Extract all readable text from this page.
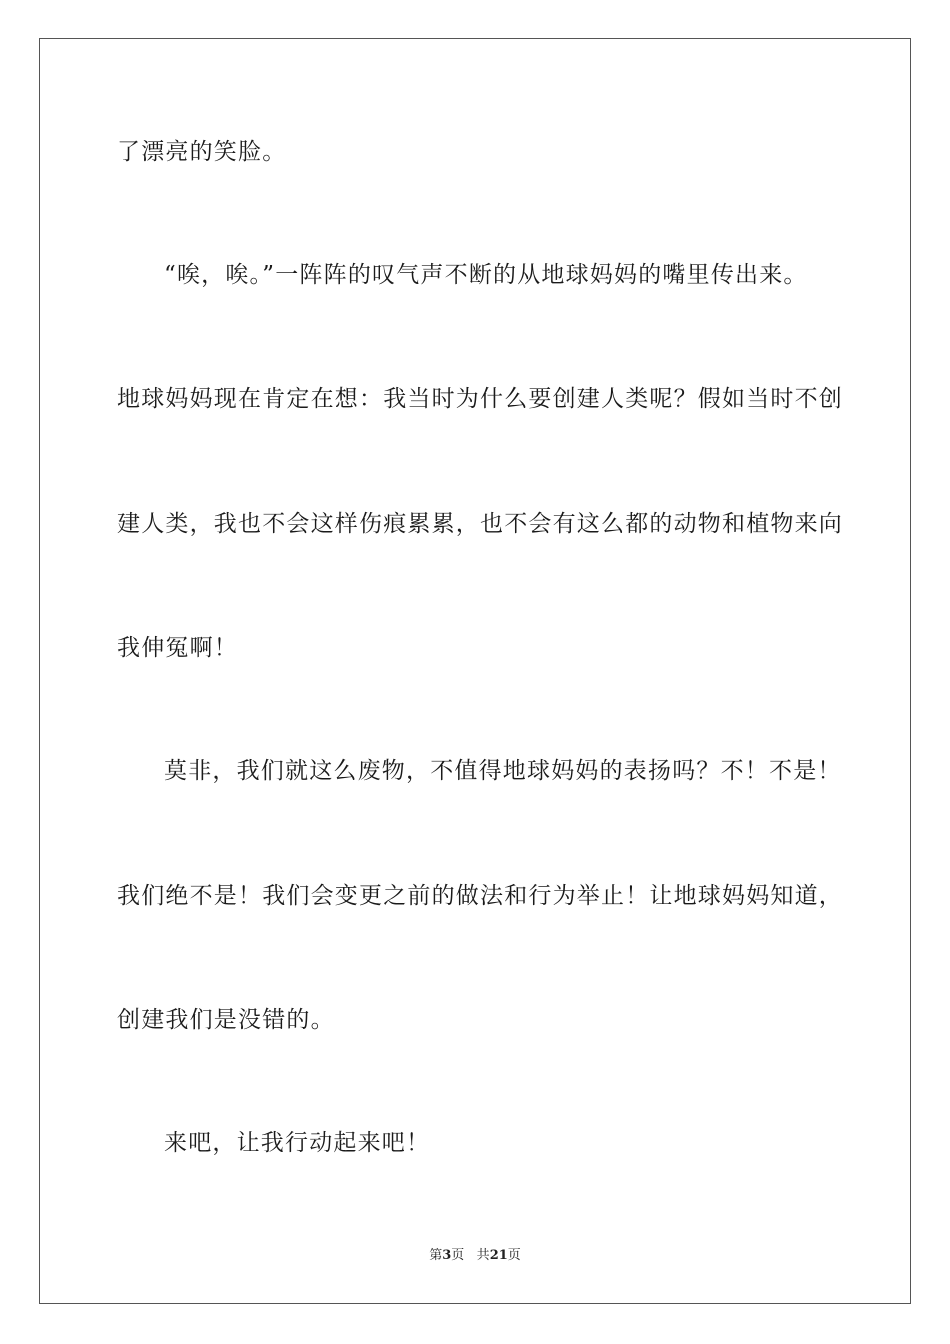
了漂亮的笑脸。
“唉，唉。”一阵阵的叹气声不断的从地球妈妈的嘴里传出来。
地球妈妈现在肯定在想：我当时为什么要创建人类呢？假如当时不创
建人类，我也不会这样伤痕累累，也不会有这么都的动物和植物来向
我伸冤啊！
莫非，我们就这么废物，不值得地球妈妈的表扬吗？不！不是！
我们绝不是！我们会变更之前的做法和行为举止！让地球妈妈知道，
创建我们是没错的。
来吧，让我行动起来吧！
第3页 共21页
